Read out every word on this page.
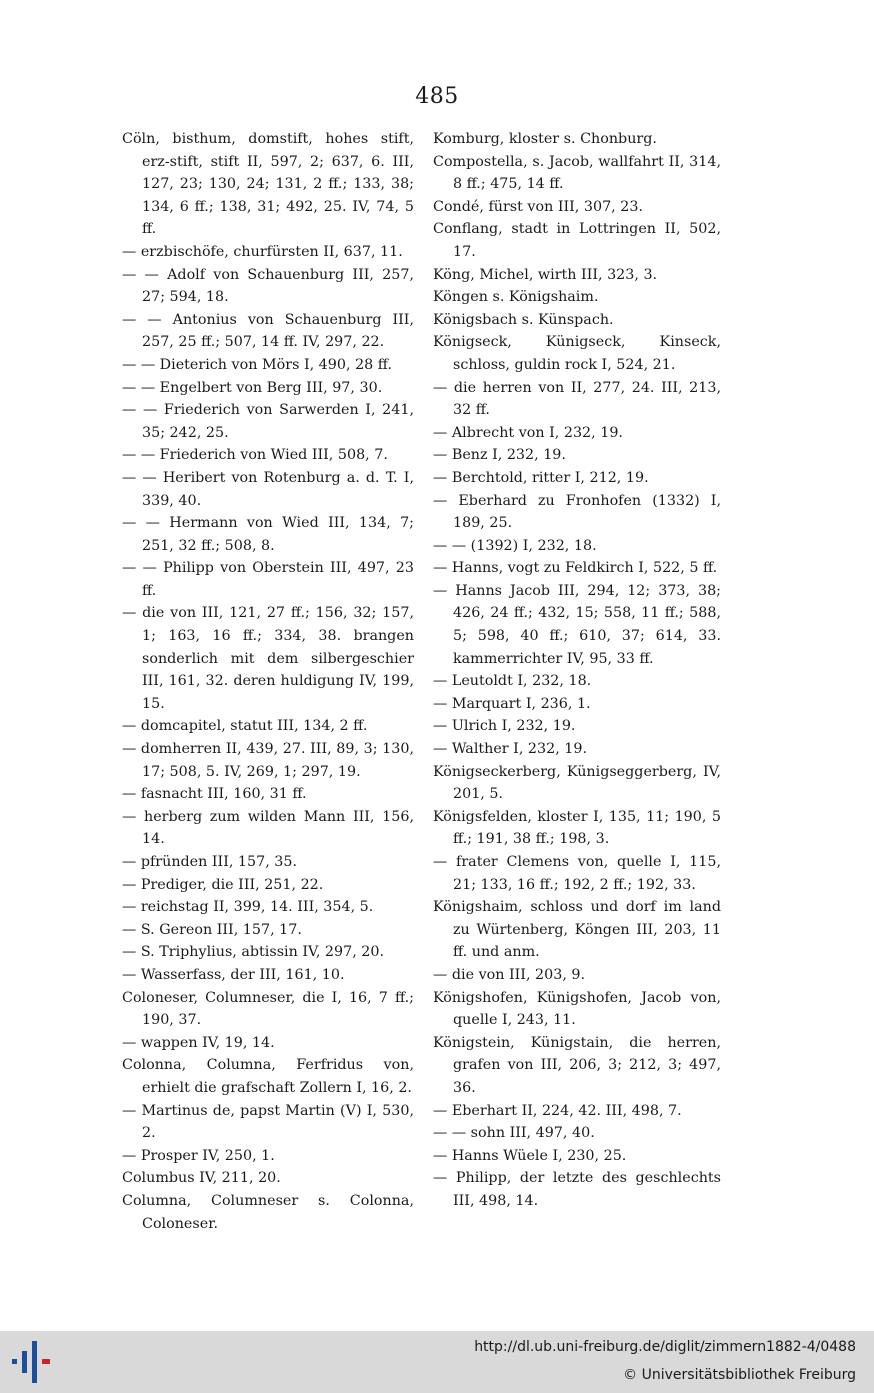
485
Cöln, bisthum, domstift, hohes stift, erz-stift, stift II, 597, 2; 637, 6. III, 127, 23; 130, 24; 131, 2 ff.; 133, 38; 134, 6 ff.; 138, 31; 492, 25. IV, 74, 5 ff.
— erzbischöfe, churfürsten II, 637, 11.
— — Adolf von Schauenburg III, 257, 27; 594, 18.
— — Antonius von Schauenburg III, 257, 25 ff.; 507, 14 ff. IV, 297, 22.
— — Dieterich von Mörs I, 490, 28 ff.
— — Engelbert von Berg III, 97, 30.
— — Friederich von Sarwerden I, 241, 35; 242, 25.
— — Friederich von Wied III, 508, 7.
— — Heribert von Rotenburg a. d. T. I, 339, 40.
— — Hermann von Wied III, 134, 7; 251, 32 ff.; 508, 8.
— — Philipp von Oberstein III, 497, 23 ff.
— die von III, 121, 27 ff.; 156, 32; 157, 1; 163, 16 ff.; 334, 38. brangen sonderlich mit dem silbergeschier III, 161, 32. deren huldigung IV, 199, 15.
— domcapitel, statut III, 134, 2 ff.
— domherren II, 439, 27. III, 89, 3; 130, 17; 508, 5. IV, 269, 1; 297, 19.
— fasnacht III, 160, 31 ff.
— herberg zum wilden Mann III, 156, 14.
— pfründen III, 157, 35.
— Prediger, die III, 251, 22.
— reichstag II, 399, 14. III, 354, 5.
— S. Gereon III, 157, 17.
— S. Triphylius, abtissin IV, 297, 20.
— Wasserfass, der III, 161, 10.
Coloneser, Columneser, die I, 16, 7 ff.; 190, 37.
— wappen IV, 19, 14.
Colonna, Columna, Ferfridus von, erhielt die grafschaft Zollern I, 16, 2.
— Martinus de, papst Martin (V) I, 530, 2.
— Prosper IV, 250, 1.
Columbus IV, 211, 20.
Columna, Columneser s. Colonna, Coloneser.
Komburg, kloster s. Chonburg.
Compostella, s. Jacob, wallfahrt II, 314, 8 ff.; 475, 14 ff.
Condé, fürst von III, 307, 23.
Conflang, stadt in Lottringen II, 502, 17.
Köng, Michel, wirth III, 323, 3.
Köngen s. Königshaim.
Königsbach s. Künspach.
Königseck, Künigseck, Kinseck, schloss, guldin rock I, 524, 21.
— die herren von II, 277, 24. III, 213, 32 ff.
— Albrecht von I, 232, 19.
— Benz I, 232, 19.
— Berchtold, ritter I, 212, 19.
— Eberhard zu Fronhofen (1332) I, 189, 25.
— — (1392) I, 232, 18.
— Hanns, vogt zu Feldkirch I, 522, 5 ff.
— Hanns Jacob III, 294, 12; 373, 38; 426, 24 ff.; 432, 15; 558, 11 ff.; 588, 5; 598, 40 ff.; 610, 37; 614, 33. kammerrichter IV, 95, 33 ff.
— Leutoldt I, 232, 18.
— Marquart I, 236, 1.
— Ulrich I, 232, 19.
— Walther I, 232, 19.
Königseckerberg, Künigseggerberg, IV, 201, 5.
Königsfelden, kloster I, 135, 11; 190, 5 ff.; 191, 38 ff.; 198, 3.
— frater Clemens von, quelle I, 115, 21; 133, 16 ff.; 192, 2 ff.; 192, 33.
Königshaim, schloss und dorf im land zu Würtenberg, Köngen III, 203, 11 ff. und anm.
— die von III, 203, 9.
Königshofen, Künigshofen, Jacob von, quelle I, 243, 11.
Königstein, Künigstain, die herren, grafen von III, 206, 3; 212, 3; 497, 36.
— Eberhart II, 224, 42. III, 498, 7.
— — sohn III, 497, 40.
— Hanns Wüele I, 230, 25.
— Philipp, der letzte des geschlechts III, 498, 14.
http://dl.ub.uni-freiburg.de/diglit/zimmern1882-4/0488
© Universitätsbibliothek Freiburg
